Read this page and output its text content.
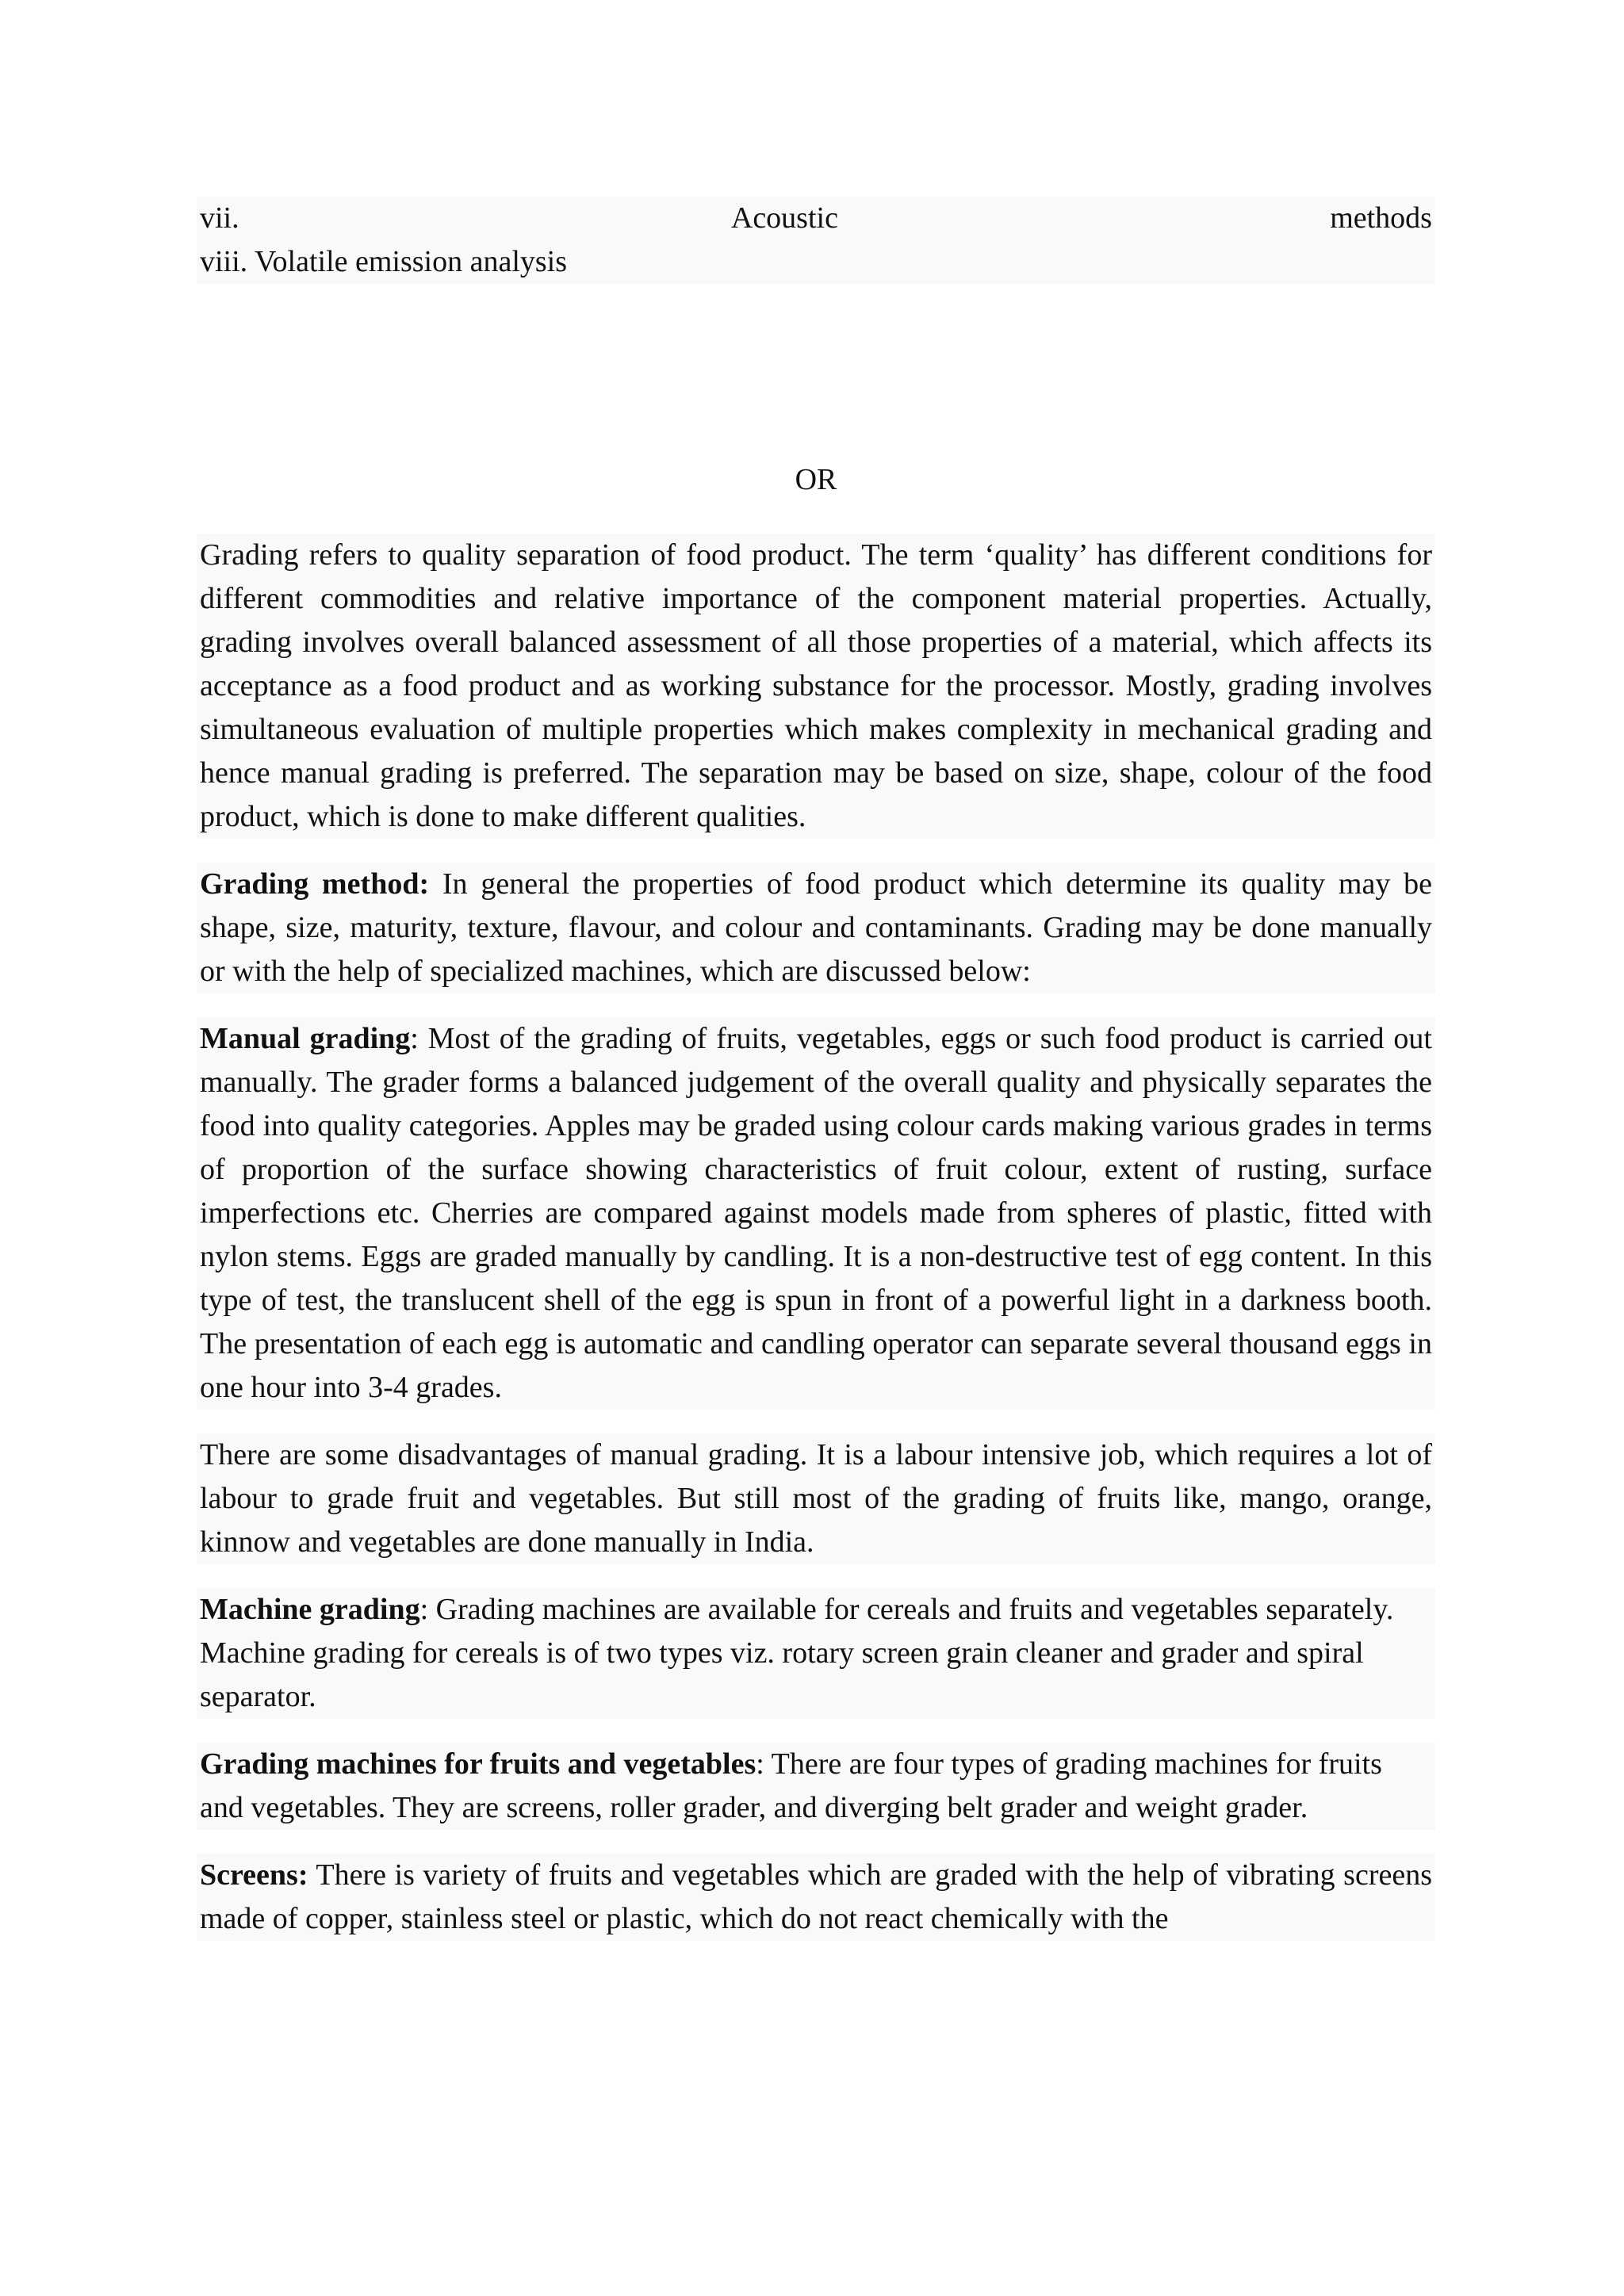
vii.	Acoustic	methods
viii. Volatile emission analysis
OR

Grading refers to quality separation of food product. The term ‘quality’ has different conditions for different commodities and relative importance of the component material properties. Actually, grading involves overall balanced assessment of all those properties of a material, which affects its acceptance as a food product and as working substance for the processor. Mostly, grading involves simultaneous evaluation of multiple properties which makes complexity in mechanical grading and hence manual grading is preferred. The separation may be based on size, shape, colour of the food product, which is done to make different qualities.

Grading method: In general the properties of food product which determine its quality may be shape, size, maturity, texture, flavour, and colour and contaminants. Grading may be done manually or with the help of specialized machines, which are discussed below:

Manual grading: Most of the grading of fruits, vegetables, eggs or such food product is carried out manually. The grader forms a balanced judgement of the overall quality and physically separates the food into quality categories. Apples may be graded using colour cards making various grades in terms of proportion of the surface showing characteristics of fruit colour, extent of rusting, surface imperfections etc. Cherries are compared against models made from spheres of plastic, fitted with nylon stems. Eggs are graded manually by candling. It is a non-destructive test of egg content. In this type of test, the translucent shell of the egg is spun in front of a powerful light in a darkness booth. The presentation of each egg is automatic and candling operator can separate several thousand eggs in one hour into 3-4 grades.

There are some disadvantages of manual grading. It is a labour intensive job, which requires a lot of labour to grade fruit and vegetables. But still most of the grading of fruits like, mango, orange, kinnow and vegetables are done manually in India.

Machine grading: Grading machines are available for cereals and fruits and vegetables separately. Machine grading for cereals is of two types viz. rotary screen grain cleaner and grader and spiral separator.

Grading machines for fruits and vegetables: There are four types of grading machines for fruits and vegetables. They are screens, roller grader, and diverging belt grader and weight grader.

Screens: There is variety of fruits and vegetables which are graded with the help of vibrating screens made of copper, stainless steel or plastic, which do not react chemically with the
